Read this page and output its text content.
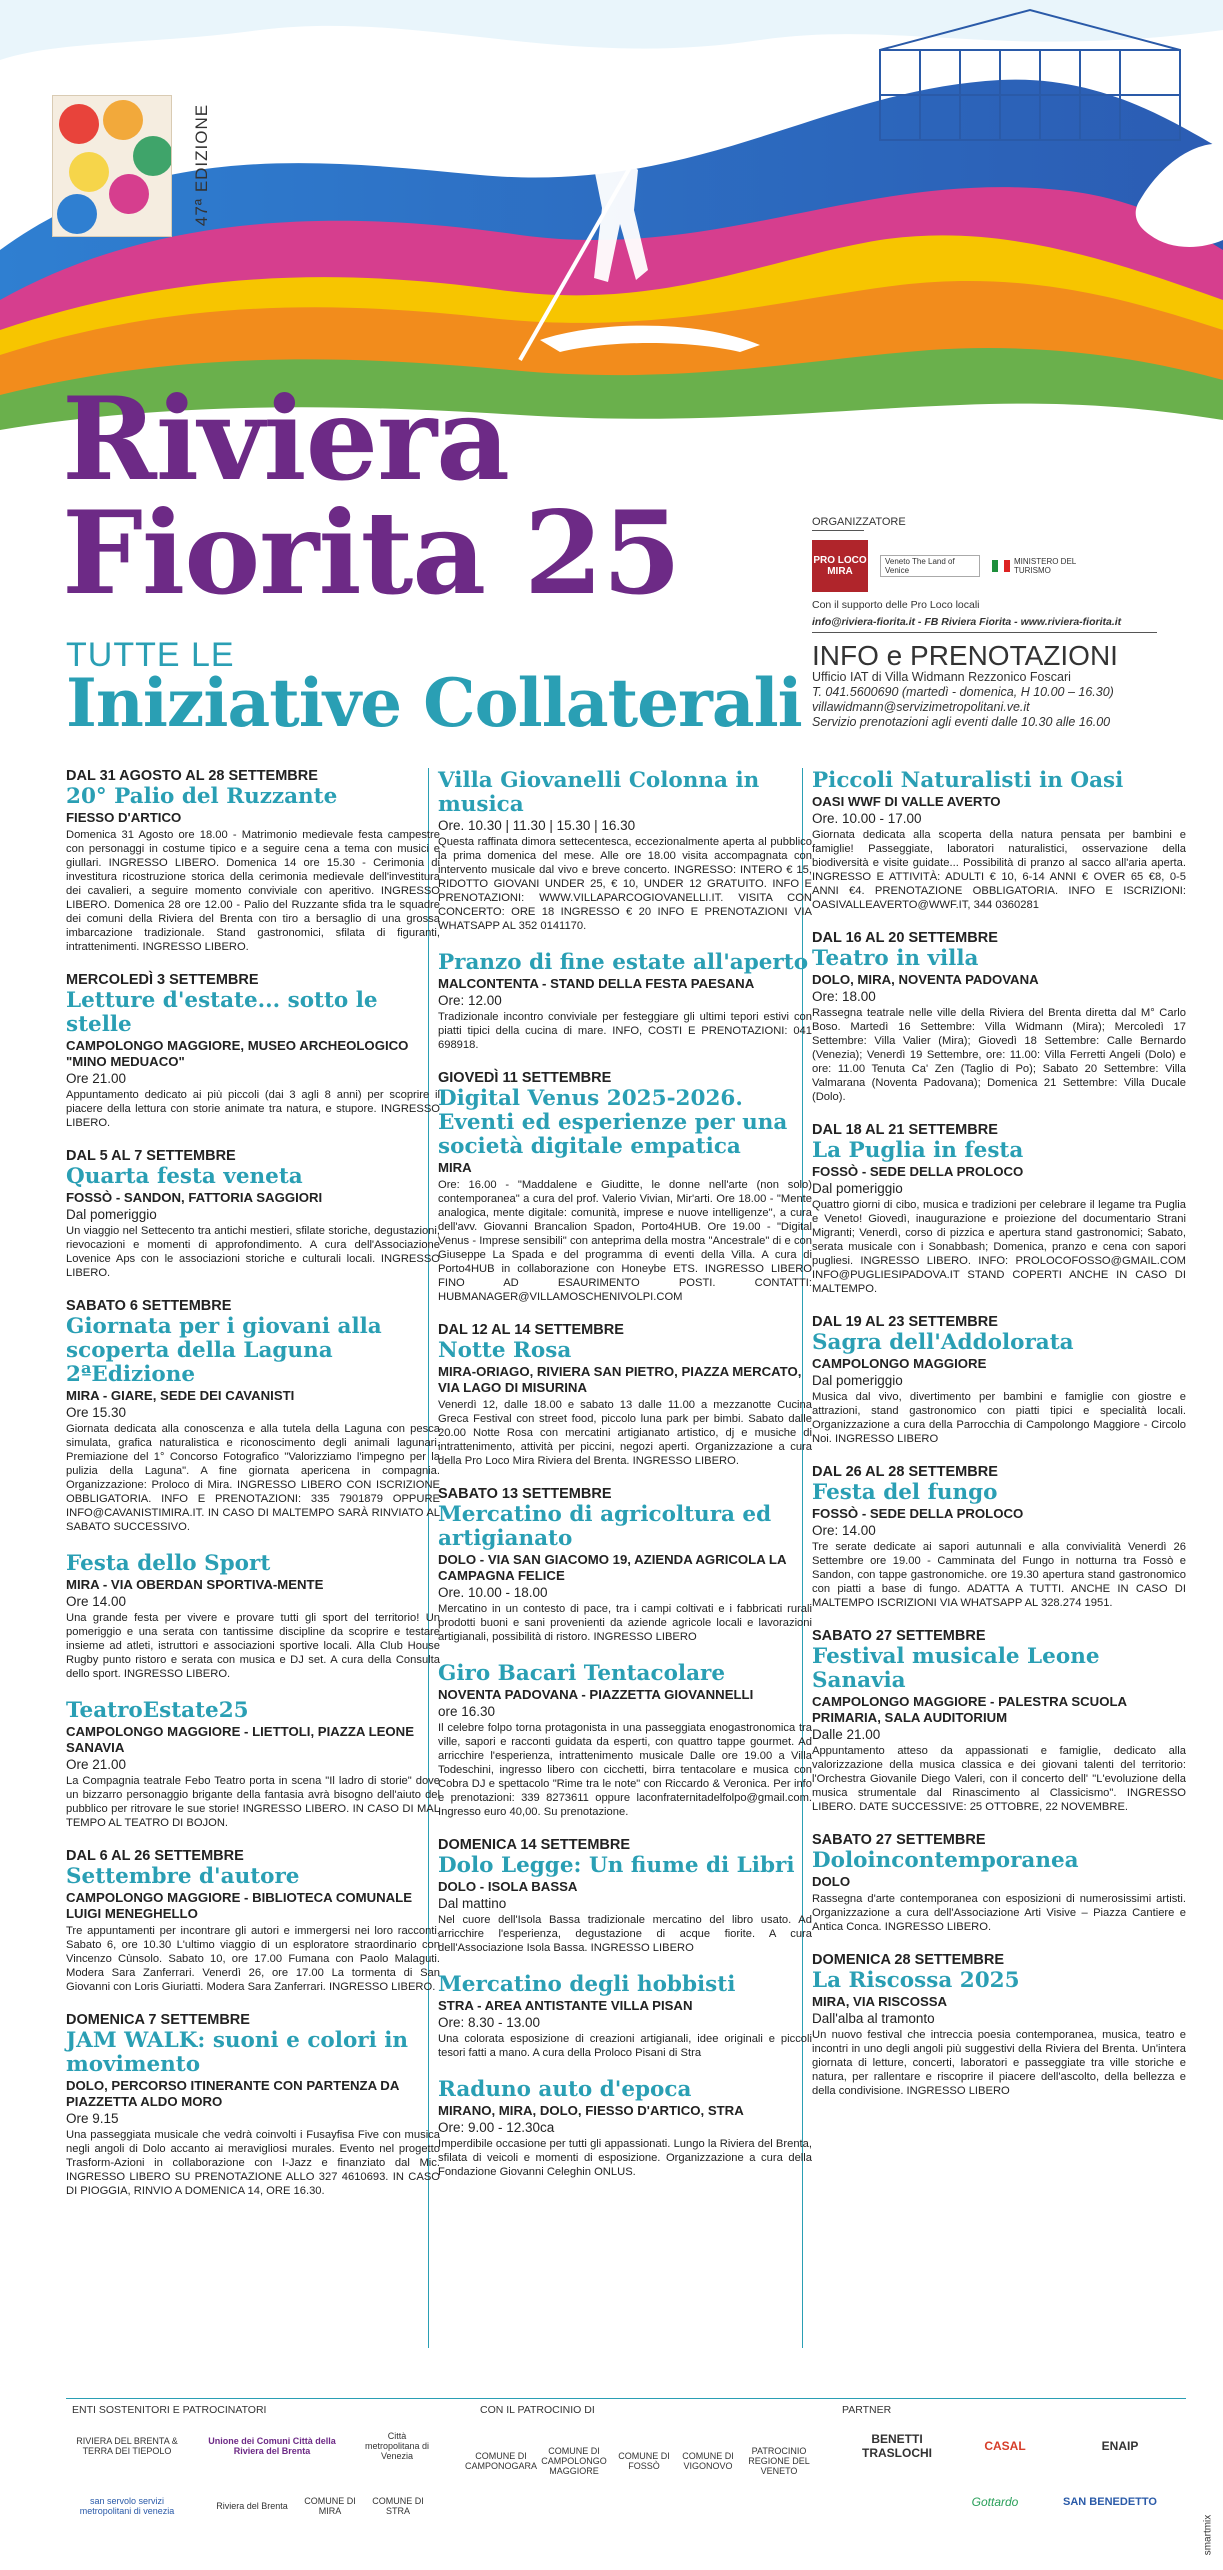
47ª EDIZIONE
Riviera
Fiorita 25
TUTTE LE
Iniziative Collaterali
ORGANIZZATORE
PRO LOCO MIRA
Veneto The Land of Venice
MINISTERO DEL TURISMO
Con il supporto delle Pro Loco locali
info@riviera-fiorita.it - FB Riviera Fiorita - www.riviera-fiorita.it
INFO e PRENOTAZIONI
Ufficio IAT di Villa Widmann Rezzonico Foscari
T. 041.5600690 (martedì - domenica, H 10.00 – 16.30)
villawidmann@servizimetropolitani.ve.it
Servizio prenotazioni agli eventi dalle 10.30 alle 16.00
DAL 31 AGOSTO AL 28 SETTEMBRE
20° Palio del Ruzzante
FIESSO D'ARTICO
Domenica 31 Agosto ore 18.00 - Matrimonio medievale festa campestre con personaggi in costume tipico e a seguire cena a tema con musici e giullari. INGRESSO LIBERO. Domenica 14 ore 15.30 - Cerimonia di investitura ricostruzione storica della cerimonia medievale dell'investitura dei cavalieri, a seguire momento conviviale con aperitivo. INGRESSO LIBERO. Domenica 28 ore 12.00 - Palio del Ruzzante sfida tra le squadre dei comuni della Riviera del Brenta con tiro a bersaglio di una grossa imbarcazione tradizionale. Stand gastronomici, sfilata di figuranti, intrattenimenti. INGRESSO LIBERO.
MERCOLEDÌ 3 SETTEMBRE
Letture d'estate... sotto le stelle
CAMPOLONGO MAGGIORE, MUSEO ARCHEOLOGICO "MINO MEDUACO"
Ore 21.00
Appuntamento dedicato ai più piccoli (dai 3 agli 8 anni) per scoprire il piacere della lettura con storie animate tra natura, e stupore. INGRESSO LIBERO.
DAL 5 AL 7 SETTEMBRE
Quarta festa veneta
FOSSÒ - SANDON, FATTORIA SAGGIORI
Dal pomeriggio
Un viaggio nel Settecento tra antichi mestieri, sfilate storiche, degustazioni, rievocazioni e momenti di approfondimento. A cura dell'Associazione Lovenice Aps con le associazioni storiche e culturali locali. INGRESSO LIBERO.
SABATO 6 SETTEMBRE
Giornata per i giovani alla scoperta della Laguna 2ªEdizione
MIRA - GIARE, SEDE DEI CAVANISTI
Ore 15.30
Giornata dedicata alla conoscenza e alla tutela della Laguna con pesca simulata, grafica naturalistica e riconoscimento degli animali lagunari. Premiazione del 1° Concorso Fotografico "Valorizziamo l'impegno per la pulizia della Laguna". A fine giornata apericena in compagnia. Organizzazione: Proloco di Mira. INGRESSO LIBERO CON ISCRIZIONE OBBLIGATORIA. INFO E PRENOTAZIONI: 335 7901879 OPPURE INFO@CAVANISTIMIRA.IT. IN CASO DI MALTEMPO SARÀ RINVIATO AL SABATO SUCCESSIVO.
Festa dello Sport
MIRA - VIA OBERDAN SPORTIVA-MENTE
Ore 14.00
Una grande festa per vivere e provare tutti gli sport del territorio! Un pomeriggio e una serata con tantissime discipline da scoprire e testare insieme ad atleti, istruttori e associazioni sportive locali. Alla Club House Rugby punto ristoro e serata con musica e DJ set. A cura della Consulta dello sport. INGRESSO LIBERO.
TeatroEstate25
CAMPOLONGO MAGGIORE - LIETTOLI, PIAZZA LEONE SANAVIA
Ore 21.00
La Compagnia teatrale Febo Teatro porta in scena "Il ladro di storie" dove un bizzarro personaggio brigante della fantasia avrà bisogno dell'aiuto del pubblico per ritrovare le sue storie! INGRESSO LIBERO. IN CASO DI MAL TEMPO AL TEATRO DI BOJON.
DAL 6 AL 26 SETTEMBRE
Settembre d'autore
CAMPOLONGO MAGGIORE - BIBLIOTECA COMUNALE LUIGI MENEGHELLO
Tre appuntamenti per incontrare gli autori e immergersi nei loro racconti. Sabato 6, ore 10.30 L'ultimo viaggio di un esploratore straordinario con Vincenzo Cùnsolo. Sabato 10, ore 17.00 Fumana con Paolo Malaguti. Modera Sara Zanferrari. Venerdì 26, ore 17.00 La tormenta di San Giovanni con Loris Giuriatti. Modera Sara Zanferrari. INGRESSO LIBERO.
DOMENICA 7 SETTEMBRE
JAM WALK: suoni e colori in movimento
DOLO, PERCORSO ITINERANTE CON PARTENZA DA PIAZZETTA ALDO MORO
Ore 9.15
Una passeggiata musicale che vedrà coinvolti i Fusayfisa Five con musica negli angoli di Dolo accanto ai meravigliosi murales. Evento nel progetto Trasform-Azioni in collaborazione con I-Jazz e finanziato dal Mic. INGRESSO LIBERO SU PRENOTAZIONE ALLO 327 4610693. IN CASO DI PIOGGIA, RINVIO A DOMENICA 14, ORE 16.30.
Villa Giovanelli Colonna in musica
Ore. 10.30 | 11.30 | 15.30 | 16.30
Questa raffinata dimora settecentesca, eccezionalmente aperta al pubblico la prima domenica del mese. Alle ore 18.00 visita accompagnata con intervento musicale dal vivo e breve concerto. INGRESSO: INTERO € 15, RIDOTTO GIOVANI UNDER 25, € 10, UNDER 12 GRATUITO. INFO E PRENOTAZIONI: WWW.VILLAPARCOGIOVANELLI.IT. VISITA CON CONCERTO: ORE 18 INGRESSO € 20 INFO E PRENOTAZIONI VIA WHATSAPP AL 352 0141170.
Pranzo di fine estate all'aperto
MALCONTENTA - STAND DELLA FESTA PAESANA
Ore: 12.00
Tradizionale incontro conviviale per festeggiare gli ultimi tepori estivi con piatti tipici della cucina di mare. INFO, COSTI E PRENOTAZIONI: 041 698918.
GIOVEDÌ 11 SETTEMBRE
Digital Venus 2025-2026. Eventi ed esperienze per una società digitale empatica
MIRA
Ore: 16.00 - "Maddalene e Giuditte, le donne nell'arte (non solo) contemporanea" a cura del prof. Valerio Vivian, Mir'arti. Ore 18.00 - "Mente analogica, mente digitale: comunità, imprese e nuove intelligenze", a cura dell'avv. Giovanni Brancalion Spadon, Porto4HUB. Ore 19.00 - "Digital Venus - Imprese sensibili" con anteprima della mostra "Ancestrale" di e con Giuseppe La Spada e del programma di eventi della Villa. A cura di Porto4HUB in collaborazione con Honeybe ETS. INGRESSO LIBERO FINO AD ESAURIMENTO POSTI. CONTATTI: HUBMANAGER@VILLAMOSCHENIVOLPI.COM
DAL 12 AL 14 SETTEMBRE
Notte Rosa
MIRA-ORIAGO, RIVIERA SAN PIETRO, PIAZZA MERCATO, VIA LAGO DI MISURINA
Venerdì 12, dalle 18.00 e sabato 13 dalle 11.00 a mezzanotte Cucina Greca Festival con street food, piccolo luna park per bimbi. Sabato dalle 20.00 Notte Rosa con mercatini artigianato artistico, dj e musiche di intrattenimento, attività per piccini, negozi aperti. Organizzazione a cura della Pro Loco Mira Riviera del Brenta. INGRESSO LIBERO.
SABATO 13 SETTEMBRE
Mercatino di agricoltura ed artigianato
DOLO - VIA SAN GIACOMO 19, AZIENDA AGRICOLA LA CAMPAGNA FELICE
Ore. 10.00 - 18.00
Mercatino in un contesto di pace, tra i campi coltivati e i fabbricati rurali prodotti buoni e sani provenienti da aziende agricole locali e lavorazioni artigianali, possibilità di ristoro. INGRESSO LIBERO
Giro Bacari Tentacolare
NOVENTA PADOVANA - PIAZZETTA GIOVANNELLI
ore 16.30
Il celebre folpo torna protagonista in una passeggiata enogastronomica tra ville, sapori e racconti guidata da esperti, con quattro tappe gourmet. Ad arricchire l'esperienza, intrattenimento musicale Dalle ore 19.00 a Villa Todeschini, ingresso libero con cicchetti, birra tentacolare e musica con Cobra DJ e spettacolo "Rime tra le note" con Riccardo & Veronica. Per info e prenotazioni: 339 8273611 oppure laconfraternitadelfolpo@gmail.com. Ingresso euro 40,00. Su prenotazione.
DOMENICA 14 SETTEMBRE
Dolo Legge: Un fiume di Libri
DOLO - ISOLA BASSA
Dal mattino
Nel cuore dell'Isola Bassa tradizionale mercatino del libro usato. Ad arricchire l'esperienza, degustazione di acque fiorite. A cura dell'Associazione Isola Bassa. INGRESSO LIBERO
Mercatino degli hobbisti
STRA - AREA ANTISTANTE VILLA PISAN
Ore: 8.30 - 13.00
Una colorata esposizione di creazioni artigianali, idee originali e piccoli tesori fatti a mano. A cura della Proloco Pisani di Stra
Raduno auto d'epoca
MIRANO, MIRA, DOLO, FIESSO D'ARTICO, STRA
Ore: 9.00 - 12.30ca
Imperdibile occasione per tutti gli appassionati. Lungo la Riviera del Brenta, sfilata di veicoli e momenti di esposizione. Organizzazione a cura della Fondazione Giovanni Celeghin ONLUS.
Piccoli Naturalisti in Oasi
OASI WWF DI VALLE AVERTO
Ore. 10.00 - 17.00
Giornata dedicata alla scoperta della natura pensata per bambini e famiglie! Passeggiate, laboratori naturalistici, osservazione della biodiversità e visite guidate... Possibilità di pranzo al sacco all'aria aperta. INGRESSO E ATTIVITÀ: ADULTI € 10, 6-14 ANNI € OVER 65 €8, 0-5 ANNI €4. PRENOTAZIONE OBBLIGATORIA. INFO E ISCRIZIONI: OASIVALLEAVERTO@WWF.IT, 344 0360281
DAL 16 AL 20 SETTEMBRE
Teatro in villa
DOLO, MIRA, NOVENTA PADOVANA
Ore: 18.00
Rassegna teatrale nelle ville della Riviera del Brenta diretta dal M° Carlo Boso. Martedì 16 Settembre: Villa Widmann (Mira); Mercoledì 17 Settembre: Villa Valier (Mira); Giovedì 18 Settembre: Calle Bernardo (Venezia); Venerdì 19 Settembre, ore: 11.00: Villa Ferretti Angeli (Dolo) e ore: 11.00 Tenuta Ca' Zen (Taglio di Po); Sabato 20 Settembre: Villa Valmarana (Noventa Padovana); Domenica 21 Settembre: Villa Ducale (Dolo).
DAL 18 AL 21 SETTEMBRE
La Puglia in festa
FOSSÒ - SEDE DELLA PROLOCO
Dal pomeriggio
Quattro giorni di cibo, musica e tradizioni per celebrare il legame tra Puglia e Veneto! Giovedì, inaugurazione e proiezione del documentario Strani Migranti; Venerdì, corso di pizzica e apertura stand gastronomici; Sabato, serata musicale con i Sonabbash; Domenica, pranzo e cena con sapori pugliesi. INGRESSO LIBERO. INFO: PROLOCOFOSSO@GMAIL.COM INFO@PUGLIESIPADOVA.IT STAND COPERTI ANCHE IN CASO DI MALTEMPO.
DAL 19 AL 23 SETTEMBRE
Sagra dell'Addolorata
CAMPOLONGO MAGGIORE
Dal pomeriggio
Musica dal vivo, divertimento per bambini e famiglie con giostre e attrazioni, stand gastronomico con piatti tipici e specialità locali. Organizzazione a cura della Parrocchia di Campolongo Maggiore - Circolo Noi. INGRESSO LIBERO
DAL 26 AL 28 SETTEMBRE
Festa del fungo
FOSSÒ - SEDE DELLA PROLOCO
Ore: 14.00
Tre serate dedicate ai sapori autunnali e alla convivialità Venerdì 26 Settembre ore 19.00 - Camminata del Fungo in notturna tra Fossò e Sandon, con tappe gastronomiche. ore 19.30 apertura stand gastronomico con piatti a base di fungo. ADATTA A TUTTI. ANCHE IN CASO DI MALTEMPO ISCRIZIONI VIA WHATSAPP AL 328.274 1951.
SABATO 27 SETTEMBRE
Festival musicale Leone Sanavia
CAMPOLONGO MAGGIORE - PALESTRA SCUOLA PRIMARIA, SALA AUDITORIUM
Dalle 21.00
Appuntamento atteso da appassionati e famiglie, dedicato alla valorizzazione della musica classica e dei giovani talenti del territorio: l'Orchestra Giovanile Diego Valeri, con il concerto dell' "L'evoluzione della musica strumentale dal Rinascimento al Classicismo". INGRESSO LIBERO. DATE SUCCESSIVE: 25 OTTOBRE, 22 NOVEMBRE.
SABATO 27 SETTEMBRE
Doloincontemporanea
DOLO
Rassegna d'arte contemporanea con esposizioni di numerosissimi artisti. Organizzazione a cura dell'Associazione Arti Visive – Piazza Cantiere e Antica Conca. INGRESSO LIBERO.
DOMENICA 28 SETTEMBRE
La Riscossa 2025
MIRA, VIA RISCOSSA
Dall'alba al tramonto
Un nuovo festival che intreccia poesia contemporanea, musica, teatro e incontri in uno degli angoli più suggestivi della Riviera del Brenta. Un'intera giornata di letture, concerti, laboratori e passeggiate tra ville storiche e natura, per rallentare e riscoprire il piacere dell'ascolto, della bellezza e della condivisione. INGRESSO LIBERO
ENTI SOSTENITORI E PATROCINATORI	CON IL PATROCINIO DI	PARTNER
RIVIERA DEL BRENTA & TERRA DEI TIEPOLO
Unione dei Comuni Città della Riviera del Brenta
Città metropolitana di Venezia
san servolo servizi metropolitani di venezia	Riviera del Brenta	COMUNE DI MIRA
COMUNE DI STRA
COMUNE DI CAMPONOGARA
COMUNE DI CAMPOLONGO MAGGIORE
COMUNE DI FOSSÒ
COMUNE DI VIGONOVO
PATROCINIO REGIONE DEL VENETO
BENETTI TRASLOCHI	CASAL	ENAIP
Gottardo	SAN BENEDETTO
smartmix
